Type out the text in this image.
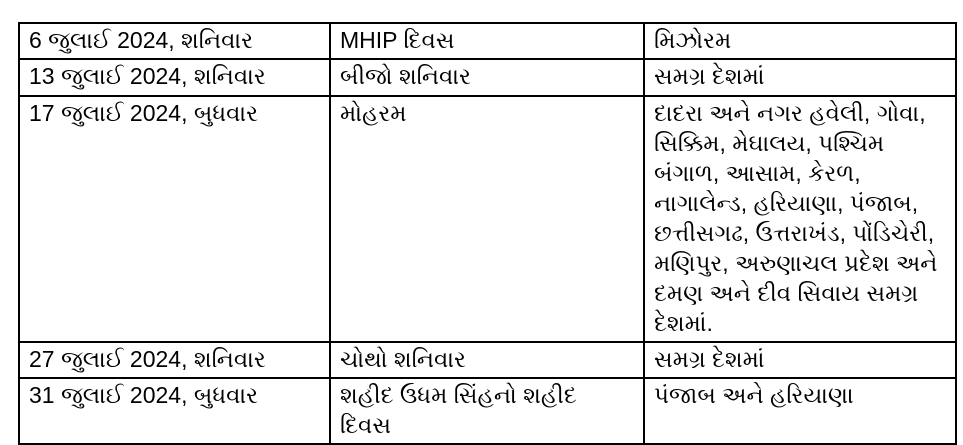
6 જુલાઈ 2024, શનિવાર	MHIP દિવસ	મિઝોરમ
13 જુલાઈ 2024, શનિવાર	બીજો શનિવાર	સમગ્ર દેશમાં
17 જુલાઈ 2024, બુધવાર	મોહરમ	દાદરા અને નગર હવેલી, ગોવા, સિક્કિમ, મેઘાલય, પશ્ચિમ બંગાળ, આસામ, કેરળ, નાગાલેન્ડ, હરિયાણા, પંજાબ, છત્તીસગઢ, ઉત્તરાખંડ, પોંડિચેરી, મણિપુર, અરુણાચલ પ્રદેશ અને દમણ અને દીવ સિવાય સમગ્ર દેશમાં.
27 જુલાઈ 2024, શનિવાર	ચોથો શનિવાર	સમગ્ર દેશમાં
31 જુલાઈ 2024, બુધવાર	શહીદ ઉધમ સિંહનો શહીદ દિવસ	પંજાબ અને હરિયાણા
